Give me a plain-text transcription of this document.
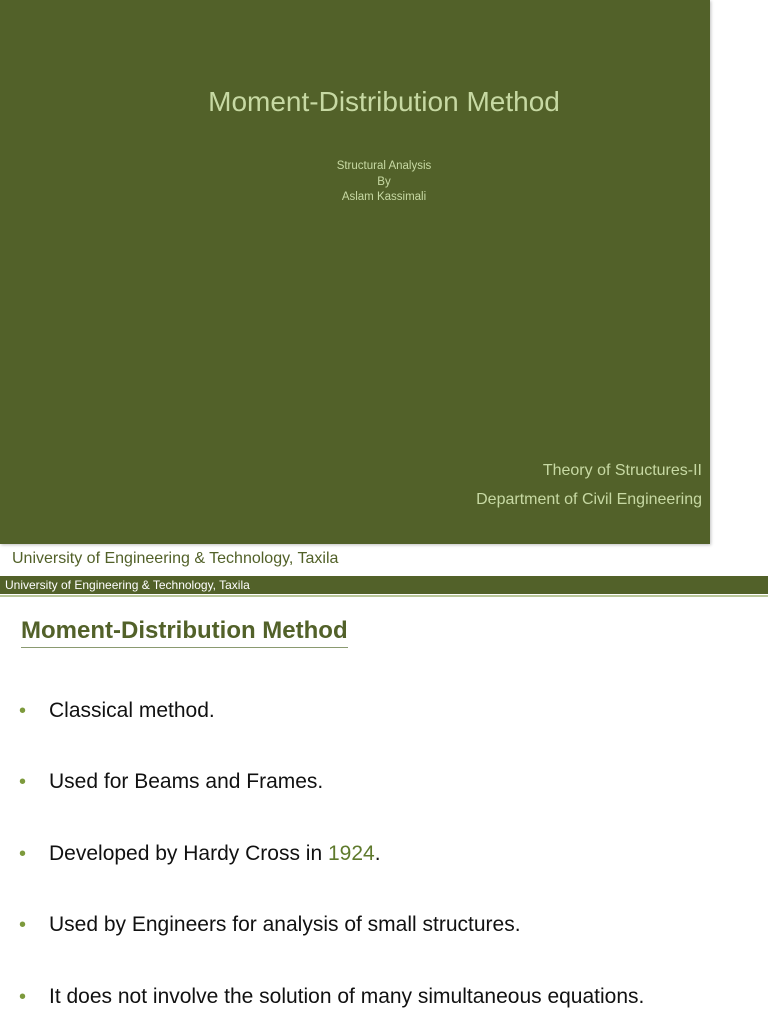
Moment-Distribution Method
Structural Analysis
By
Aslam Kassimali
Theory of Structures-II
Department of Civil Engineering
University of Engineering & Technology, Taxila
University of Engineering & Technology, Taxila
Moment-Distribution Method
• Classical method.
• Used for Beams and Frames.
• Developed by Hardy Cross in 1924.
• Used by Engineers for analysis of small structures.
• It does not involve the solution of many simultaneous equations.
